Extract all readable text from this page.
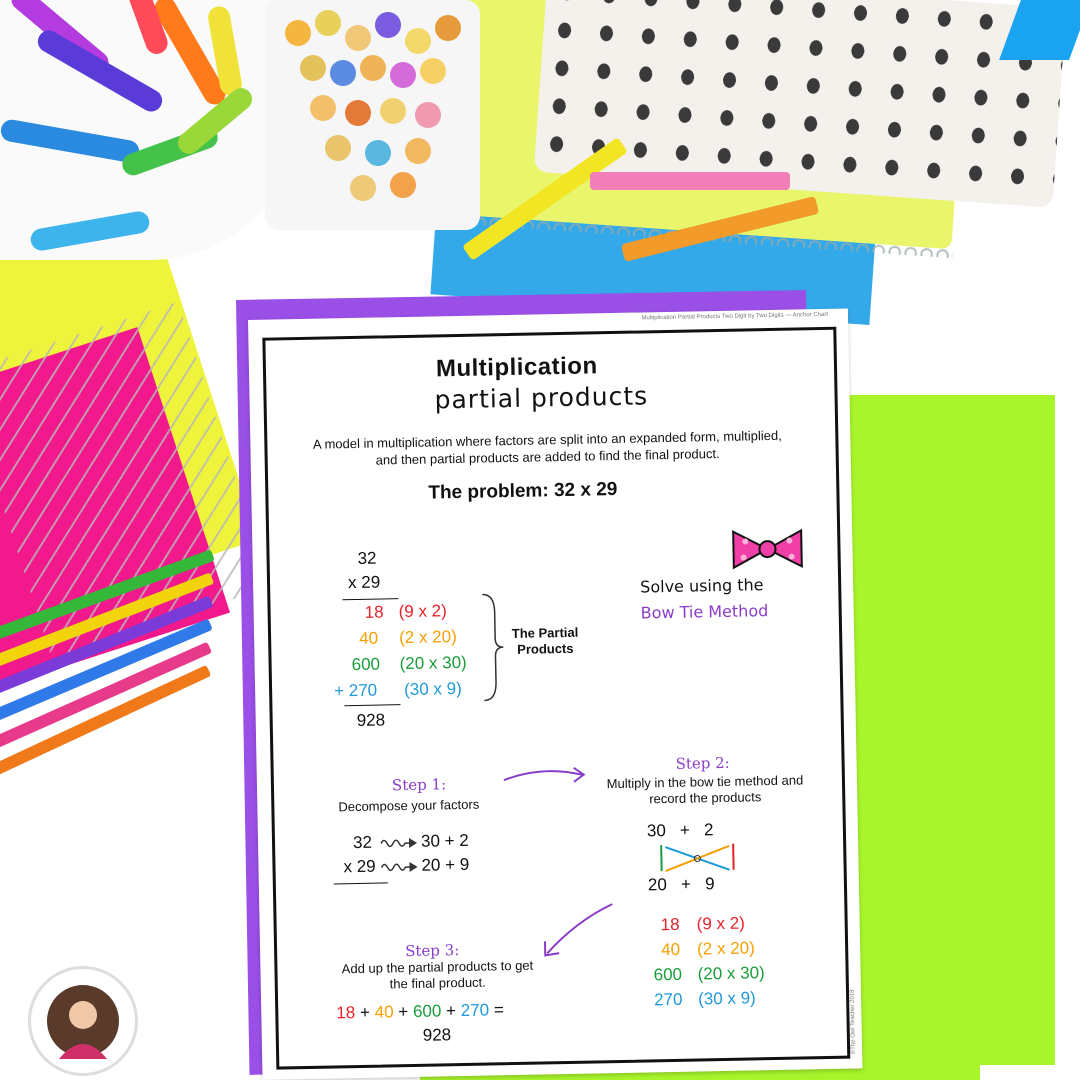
Multiplication Partial Products Two Digit by Two Digits — Anchor Chart
Multiplication
partial products
A model in multiplication where factors are split into an expanded form, multiplied, and then partial products are added to find the final product.
The problem: 32 x 29
32
x 29
18 (9 x 2)
40 (2 x 20)
600 (20 x 30)
+ 270 (30 x 9)
928
The Partial Products
Solve using the
Bow Tie Method
Step 1:
Decompose your factors
32	30 + 2
x 29	20 + 9
Step 2:
Multiply in the bow tie method and record the products
30   +   2
20   +   9
18 (9 x 2)
40 (2 x 20)
600 (20 x 30)
270 (30 x 9)
Step 3:
Add up the partial products to get the final product.
18 + 40 + 600 + 270 =
928	©The Owl Teacher 2018
